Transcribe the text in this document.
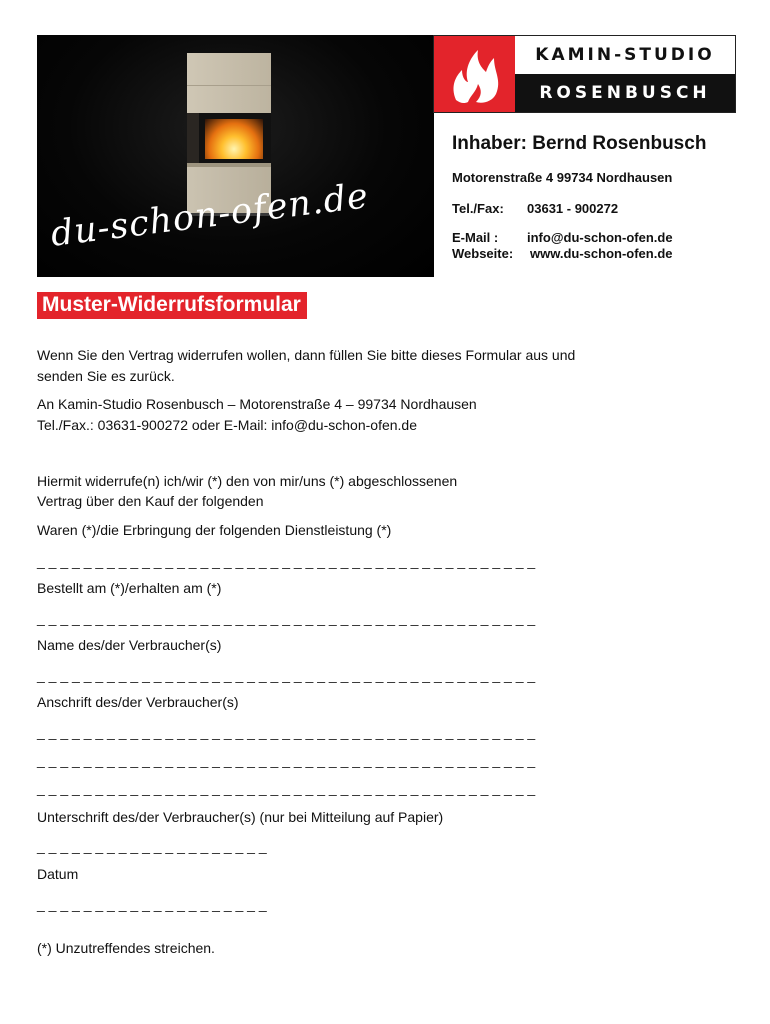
du-schon-ofen.de
KAMIN-STUDIO
ROSENBUSCH
Inhaber: Bernd Rosenbusch
Motorenstraße 4 99734 Nordhausen
Tel./Fax: 03631 - 900272
E-Mail : info@du-schon-ofen.de
Webseite: www.du-schon-ofen.de
Muster-Widerrufsformular
Wenn Sie den Vertrag widerrufen wollen, dann füllen Sie bitte dieses Formular aus und
senden Sie es zurück.
An Kamin-Studio Rosenbusch – Motorenstraße 4 – 99734 Nordhausen
Tel./Fax.: 03631-900272 oder E-Mail: info@du-schon-ofen.de
Hiermit widerrufe(n) ich/wir (*) den von mir/uns (*) abgeschlossenen
Vertrag über den Kauf der folgenden
Waren (*)/die Erbringung der folgenden Dienstleistung (*)
_ _ _ _ _ _ _ _ _ _ _ _ _ _ _ _ _ _ _ _ _ _ _ _ _ _ _ _ _ _ _ _ _ _ _ _ _ _ _ _ _ _ _
Bestellt am (*)/erhalten am (*)
_ _ _ _ _ _ _ _ _ _ _ _ _ _ _ _ _ _ _ _ _ _ _ _ _ _ _ _ _ _ _ _ _ _ _ _ _ _ _ _ _ _ _
Name des/der Verbraucher(s)
_ _ _ _ _ _ _ _ _ _ _ _ _ _ _ _ _ _ _ _ _ _ _ _ _ _ _ _ _ _ _ _ _ _ _ _ _ _ _ _ _ _ _
Anschrift des/der Verbraucher(s)
_ _ _ _ _ _ _ _ _ _ _ _ _ _ _ _ _ _ _ _ _ _ _ _ _ _ _ _ _ _ _ _ _ _ _ _ _ _ _ _ _ _ _
_ _ _ _ _ _ _ _ _ _ _ _ _ _ _ _ _ _ _ _ _ _ _ _ _ _ _ _ _ _ _ _ _ _ _ _ _ _ _ _ _ _ _
_ _ _ _ _ _ _ _ _ _ _ _ _ _ _ _ _ _ _ _ _ _ _ _ _ _ _ _ _ _ _ _ _ _ _ _ _ _ _ _ _ _ _
Unterschrift des/der Verbraucher(s) (nur bei Mitteilung auf Papier)
_ _ _ _ _ _ _ _ _ _ _ _ _ _ _ _ _ _ _ _
Datum
_ _ _ _ _ _ _ _ _ _ _ _ _ _ _ _ _ _ _ _
(*) Unzutreffendes streichen.
